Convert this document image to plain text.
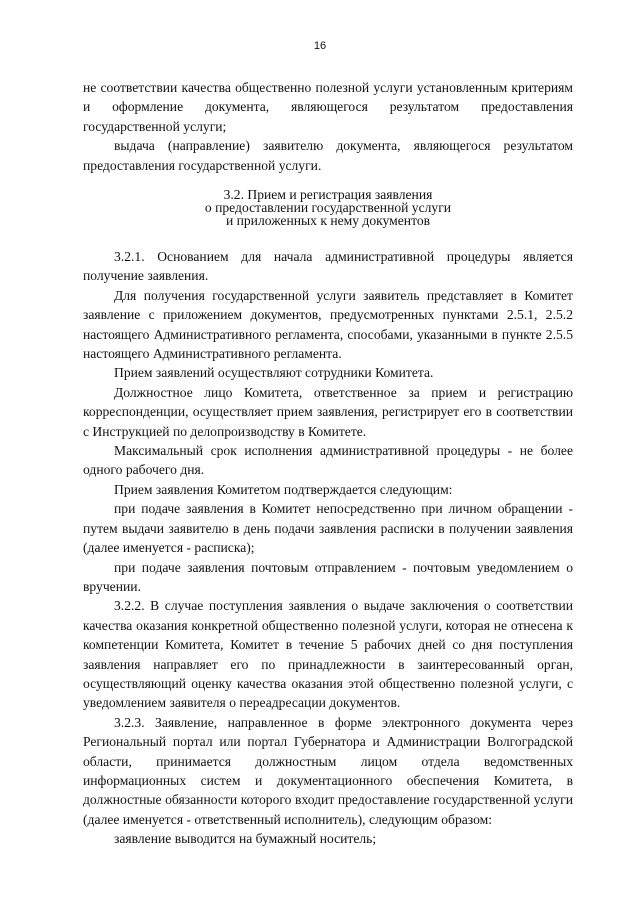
16

не соответствии качества общественно полезной услуги установленным критериям и оформление документа, являющегося результатом предоставления государственной услуги;

выдача (направление) заявителю документа, являющегося результатом предоставления государственной услуги.

3.2. Прием и регистрация заявления
о предоставлении государственной услуги
и приложенных к нему документов

3.2.1. Основанием для начала административной процедуры является получение заявления.

Для получения государственной услуги заявитель представляет в Комитет заявление с приложением документов, предусмотренных пунктами 2.5.1, 2.5.2 настоящего Административного регламента, способами, указанными в пункте 2.5.5 настоящего Административного регламента.

Прием заявлений осуществляют сотрудники Комитета.

Должностное лицо Комитета, ответственное за прием и регистрацию корреспонденции, осуществляет прием заявления, регистрирует его в соответствии с Инструкцией по делопроизводству в Комитете.

Максимальный срок исполнения административной процедуры - не более одного рабочего дня.

Прием заявления Комитетом подтверждается следующим:

при подаче заявления в Комитет непосредственно при личном обращении - путем выдачи заявителю в день подачи заявления расписки в получении заявления (далее именуется - расписка);

при подаче заявления почтовым отправлением - почтовым уведомлением о вручении.

3.2.2. В случае поступления заявления о выдаче заключения о соответствии качества оказания конкретной общественно полезной услуги, которая не отнесена к компетенции Комитета, Комитет в течение 5 рабочих дней со дня поступления заявления направляет его по принадлежности в заинтересованный орган, осуществляющий оценку качества оказания этой общественно полезной услуги, с уведомлением заявителя о переадресации документов.

3.2.3. Заявление, направленное в форме электронного документа через Региональный портал или портал Губернатора и Администрации Волгоградской области, принимается должностным лицом отдела ведомственных информационных систем и документационного обеспечения Комитета, в должностные обязанности которого входит предоставление государственной услуги (далее именуется - ответственный исполнитель), следующим образом:

заявление выводится на бумажный носитель;
